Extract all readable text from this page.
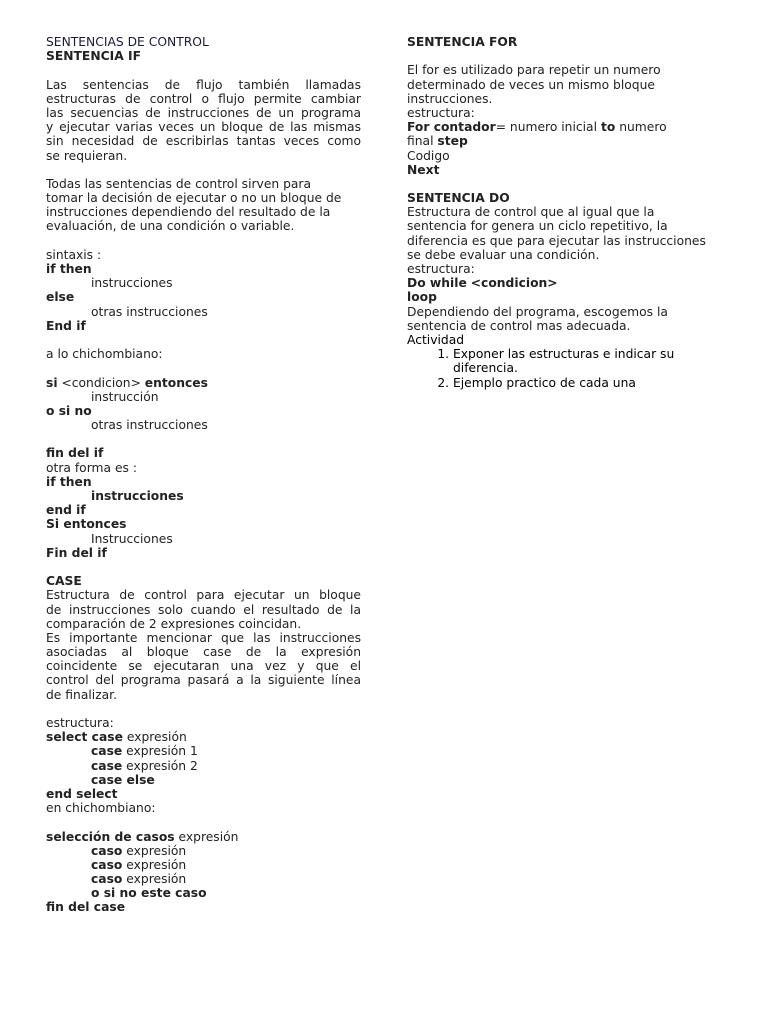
SENTENCIAS DE CONTROL
SENTENCIA IF
Las sentencias de flujo también llamadas
estructuras de control o flujo permite cambiar
las secuencias de instrucciones de un programa
y ejecutar varias veces un bloque de las mismas
sin necesidad de escribirlas tantas veces como
se requieran.
Todas las sentencias de control sirven para
tomar la decisión de ejecutar o no un bloque de
instrucciones dependiendo del resultado de la
evaluación, de una condición o variable.
sintaxis :
if then
instrucciones
else
otras instrucciones
End if
a lo chichombiano:
si <condicion> entonces
instrucción
o si no
otras instrucciones
fin del if
otra forma es :
if then
instrucciones
end if
Si entonces
Instrucciones
Fin del if
CASE
Estructura de control para ejecutar un bloque
de instrucciones solo cuando el resultado de la
comparación de 2 expresiones coincidan.
Es importante mencionar que las instrucciones
asociadas al bloque case de la expresión
coincidente se ejecutaran una vez y que el
control del programa pasará a la siguiente línea
de finalizar.
estructura:
select case expresión
case expresión 1
case expresión 2
case else
end select
en chichombiano:
selección de casos expresión
caso expresión
caso expresión
caso expresión
o si no este caso
fin del case
SENTENCIA FOR
El for es utilizado para repetir un numero
determinado de veces un mismo bloque
instrucciones.
estructura:
For contador= numero inicial to numero
final step
Codigo
Next
SENTENCIA DO
Estructura de control que al igual que la
sentencia for genera un ciclo repetitivo, la
diferencia es que para ejecutar las instrucciones
se debe evaluar una condición.
estructura:
Do while <condicion>
loop
Dependiendo del programa, escogemos la
sentencia de control mas adecuada.
Actividad
1. Exponer las estructuras e indicar su diferencia.
2. Ejemplo practico de cada una
